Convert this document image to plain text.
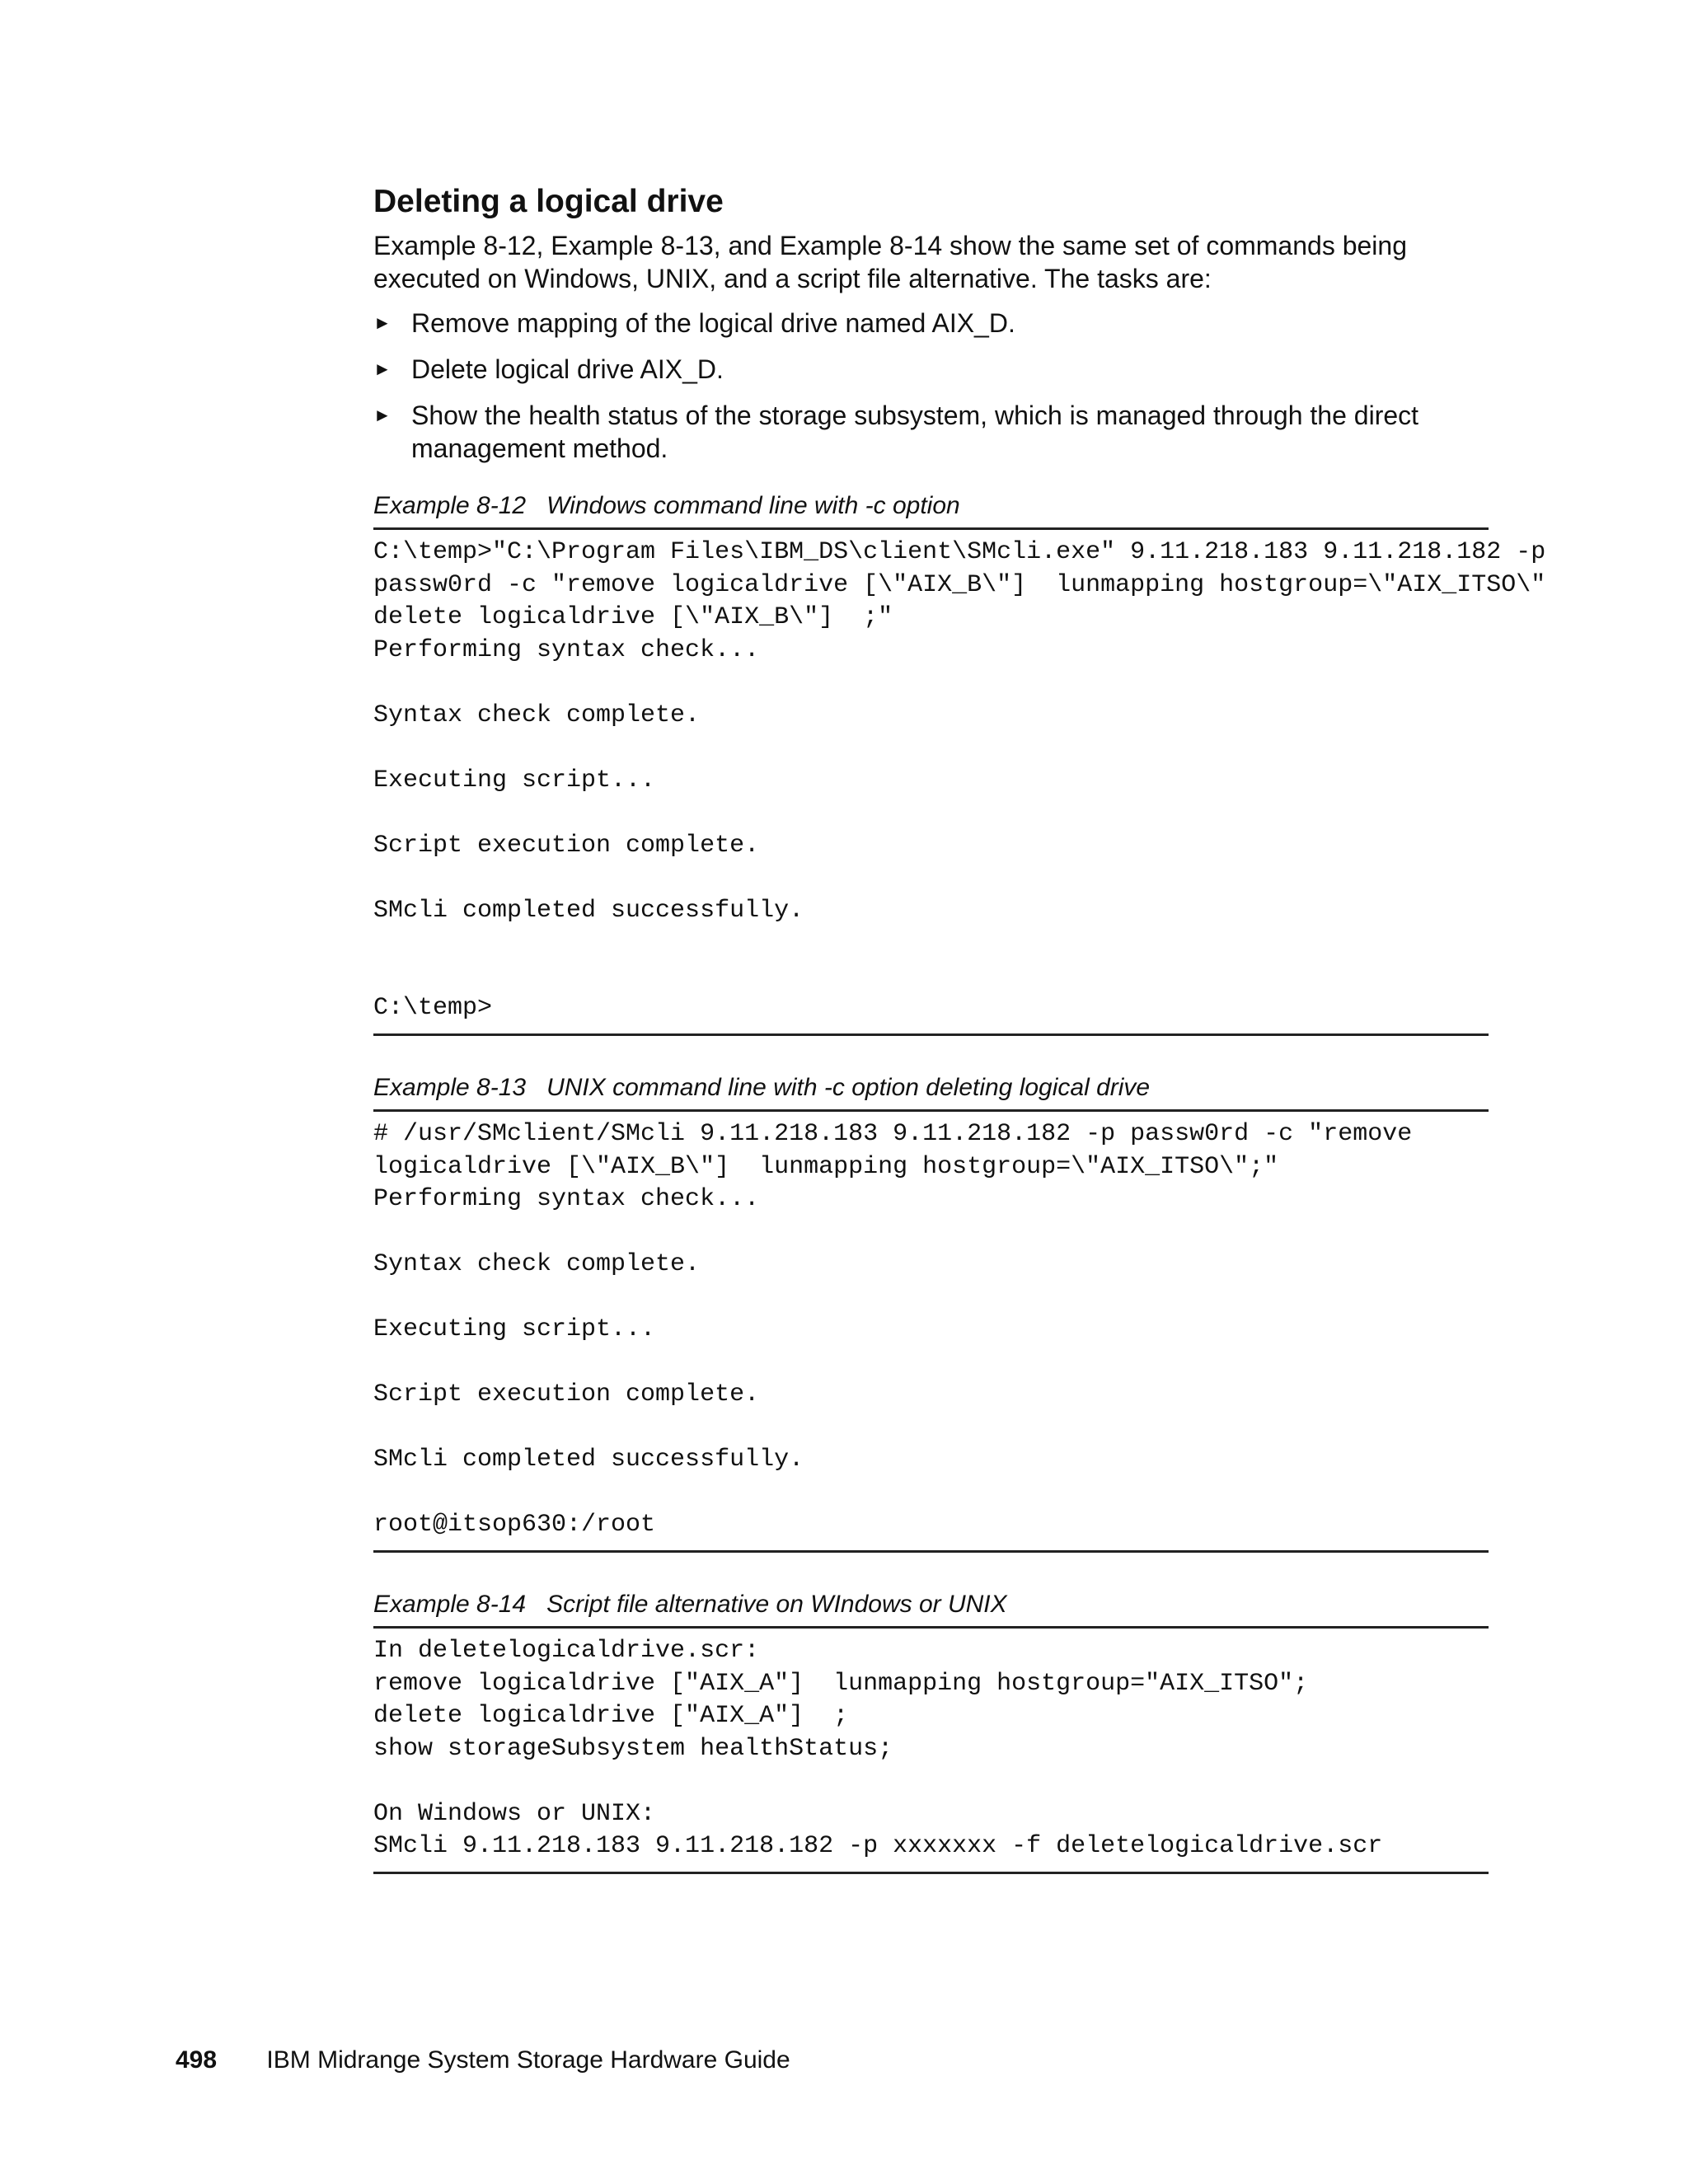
Deleting a logical drive

Example 8-12, Example 8-13, and Example 8-14 show the same set of commands being executed on Windows, UNIX, and a script file alternative. The tasks are:

► Remove mapping of the logical drive named AIX_D.
► Delete logical drive AIX_D.
► Show the health status of the storage subsystem, which is managed through the direct management method.

Example 8-12   Windows command line with -c option

C:\temp>"C:\Program Files\IBM_DS\client\SMcli.exe" 9.11.218.183 9.11.218.182 -p

passw0rd -c "remove logicaldrive [\"AIX_B\"]  lunmapping hostgroup=\"AIX_ITSO\"

delete logicaldrive [\"AIX_B\"]  ;"

Performing syntax check...

Syntax check complete.

Executing script...

Script execution complete.

SMcli completed successfully.

C:\temp>

Example 8-13   UNIX command line with -c option deleting logical drive

# /usr/SMclient/SMcli 9.11.218.183 9.11.218.182 -p passw0rd -c "remove

logicaldrive [\"AIX_B\"]  lunmapping hostgroup=\"AIX_ITSO\";"

Performing syntax check...

Syntax check complete.

Executing script...

Script execution complete.

SMcli completed successfully.

root@itsop630:/root

Example 8-14   Script file alternative on WIndows or UNIX

In deletelogicaldrive.scr:

remove logicaldrive ["AIX_A"]  lunmapping hostgroup="AIX_ITSO";

delete logicaldrive ["AIX_A"]  ;

show storageSubsystem healthStatus;

On Windows or UNIX:

SMcli 9.11.218.183 9.11.218.182 -p xxxxxxx -f deletelogicaldrive.scr

498 IBM Midrange System Storage Hardware Guide
